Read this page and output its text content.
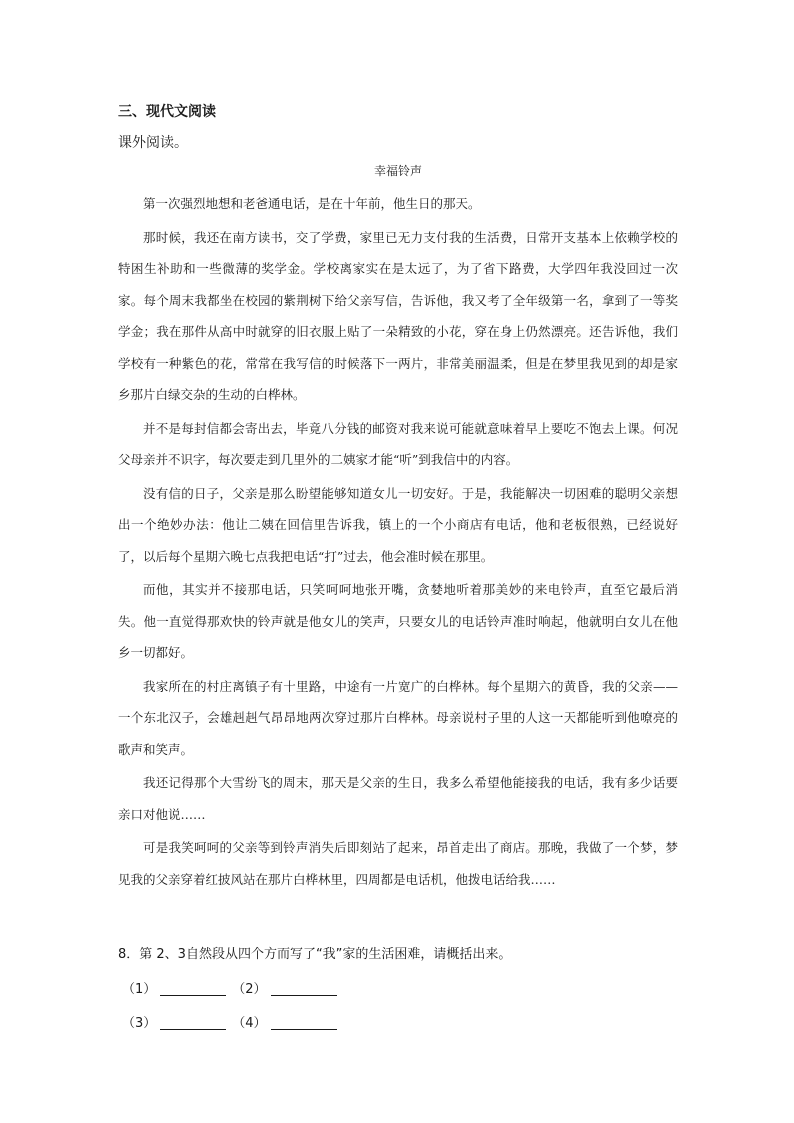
三、现代文阅读
课外阅读。
幸福铃声

第一次强烈地想和老爸通电话，是在十年前，他生日的那天。

那时候，我还在南方读书，交了学费，家里已无力支付我的生活费，日常开支基本上依赖学校的特困生补助和一些微薄的奖学金。学校离家实在是太远了，为了省下路费，大学四年我没回过一次家。每个周末我都坐在校园的紫荆树下给父亲写信，告诉他，我又考了全年级第一名，拿到了一等奖学金；我在那件从高中时就穿的旧衣服上贴了一朵精致的小花，穿在身上仍然漂亮。还告诉他，我们学校有一种紫色的花，常常在我写信的时候落下一两片，非常美丽温柔，但是在梦里我见到的却是家乡那片白绿交杂的生动的白桦林。

并不是每封信都会寄出去，毕竟八分钱的邮资对我来说可能就意味着早上要吃不饱去上课。何况父母亲并不识字，每次要走到几里外的二姨家才能“听”到我信中的内容。

没有信的日子，父亲是那么盼望能够知道女儿一切安好。于是，我能解决一切困难的聪明父亲想出一个绝妙办法：他让二姨在回信里告诉我，镇上的一个小商店有电话，他和老板很熟，已经说好了，以后每个星期六晚七点我把电话“打”过去，他会准时候在那里。

而他，其实并不接那电话，只笑呵呵地张开嘴，贪婪地听着那美妙的来电铃声，直至它最后消失。他一直觉得那欢快的铃声就是他女儿的笑声，只要女儿的电话铃声准时响起，他就明白女儿在他乡一切都好。

我家所在的村庄离镇子有十里路，中途有一片宽广的白桦林。每个星期六的黄昏，我的父亲——一个东北汉子，会雄赳赳气昂昂地两次穿过那片白桦林。母亲说村子里的人这一天都能听到他嘹亮的歌声和笑声。

我还记得那个大雪纷飞的周末，那天是父亲的生日，我多么希望他能接我的电话，我有多少话要亲口对他说……

可是我笑呵呵的父亲等到铃声消失后即刻站了起来，昂首走出了商店。那晚，我做了一个梦，梦见我的父亲穿着红披风站在那片白桦林里，四周都是电话机，他拨电话给我……

8．第 2、3自然段从四个方而写了“我”家的生活困难，请概括出来。
（1）	（2）
（3）	（4）
